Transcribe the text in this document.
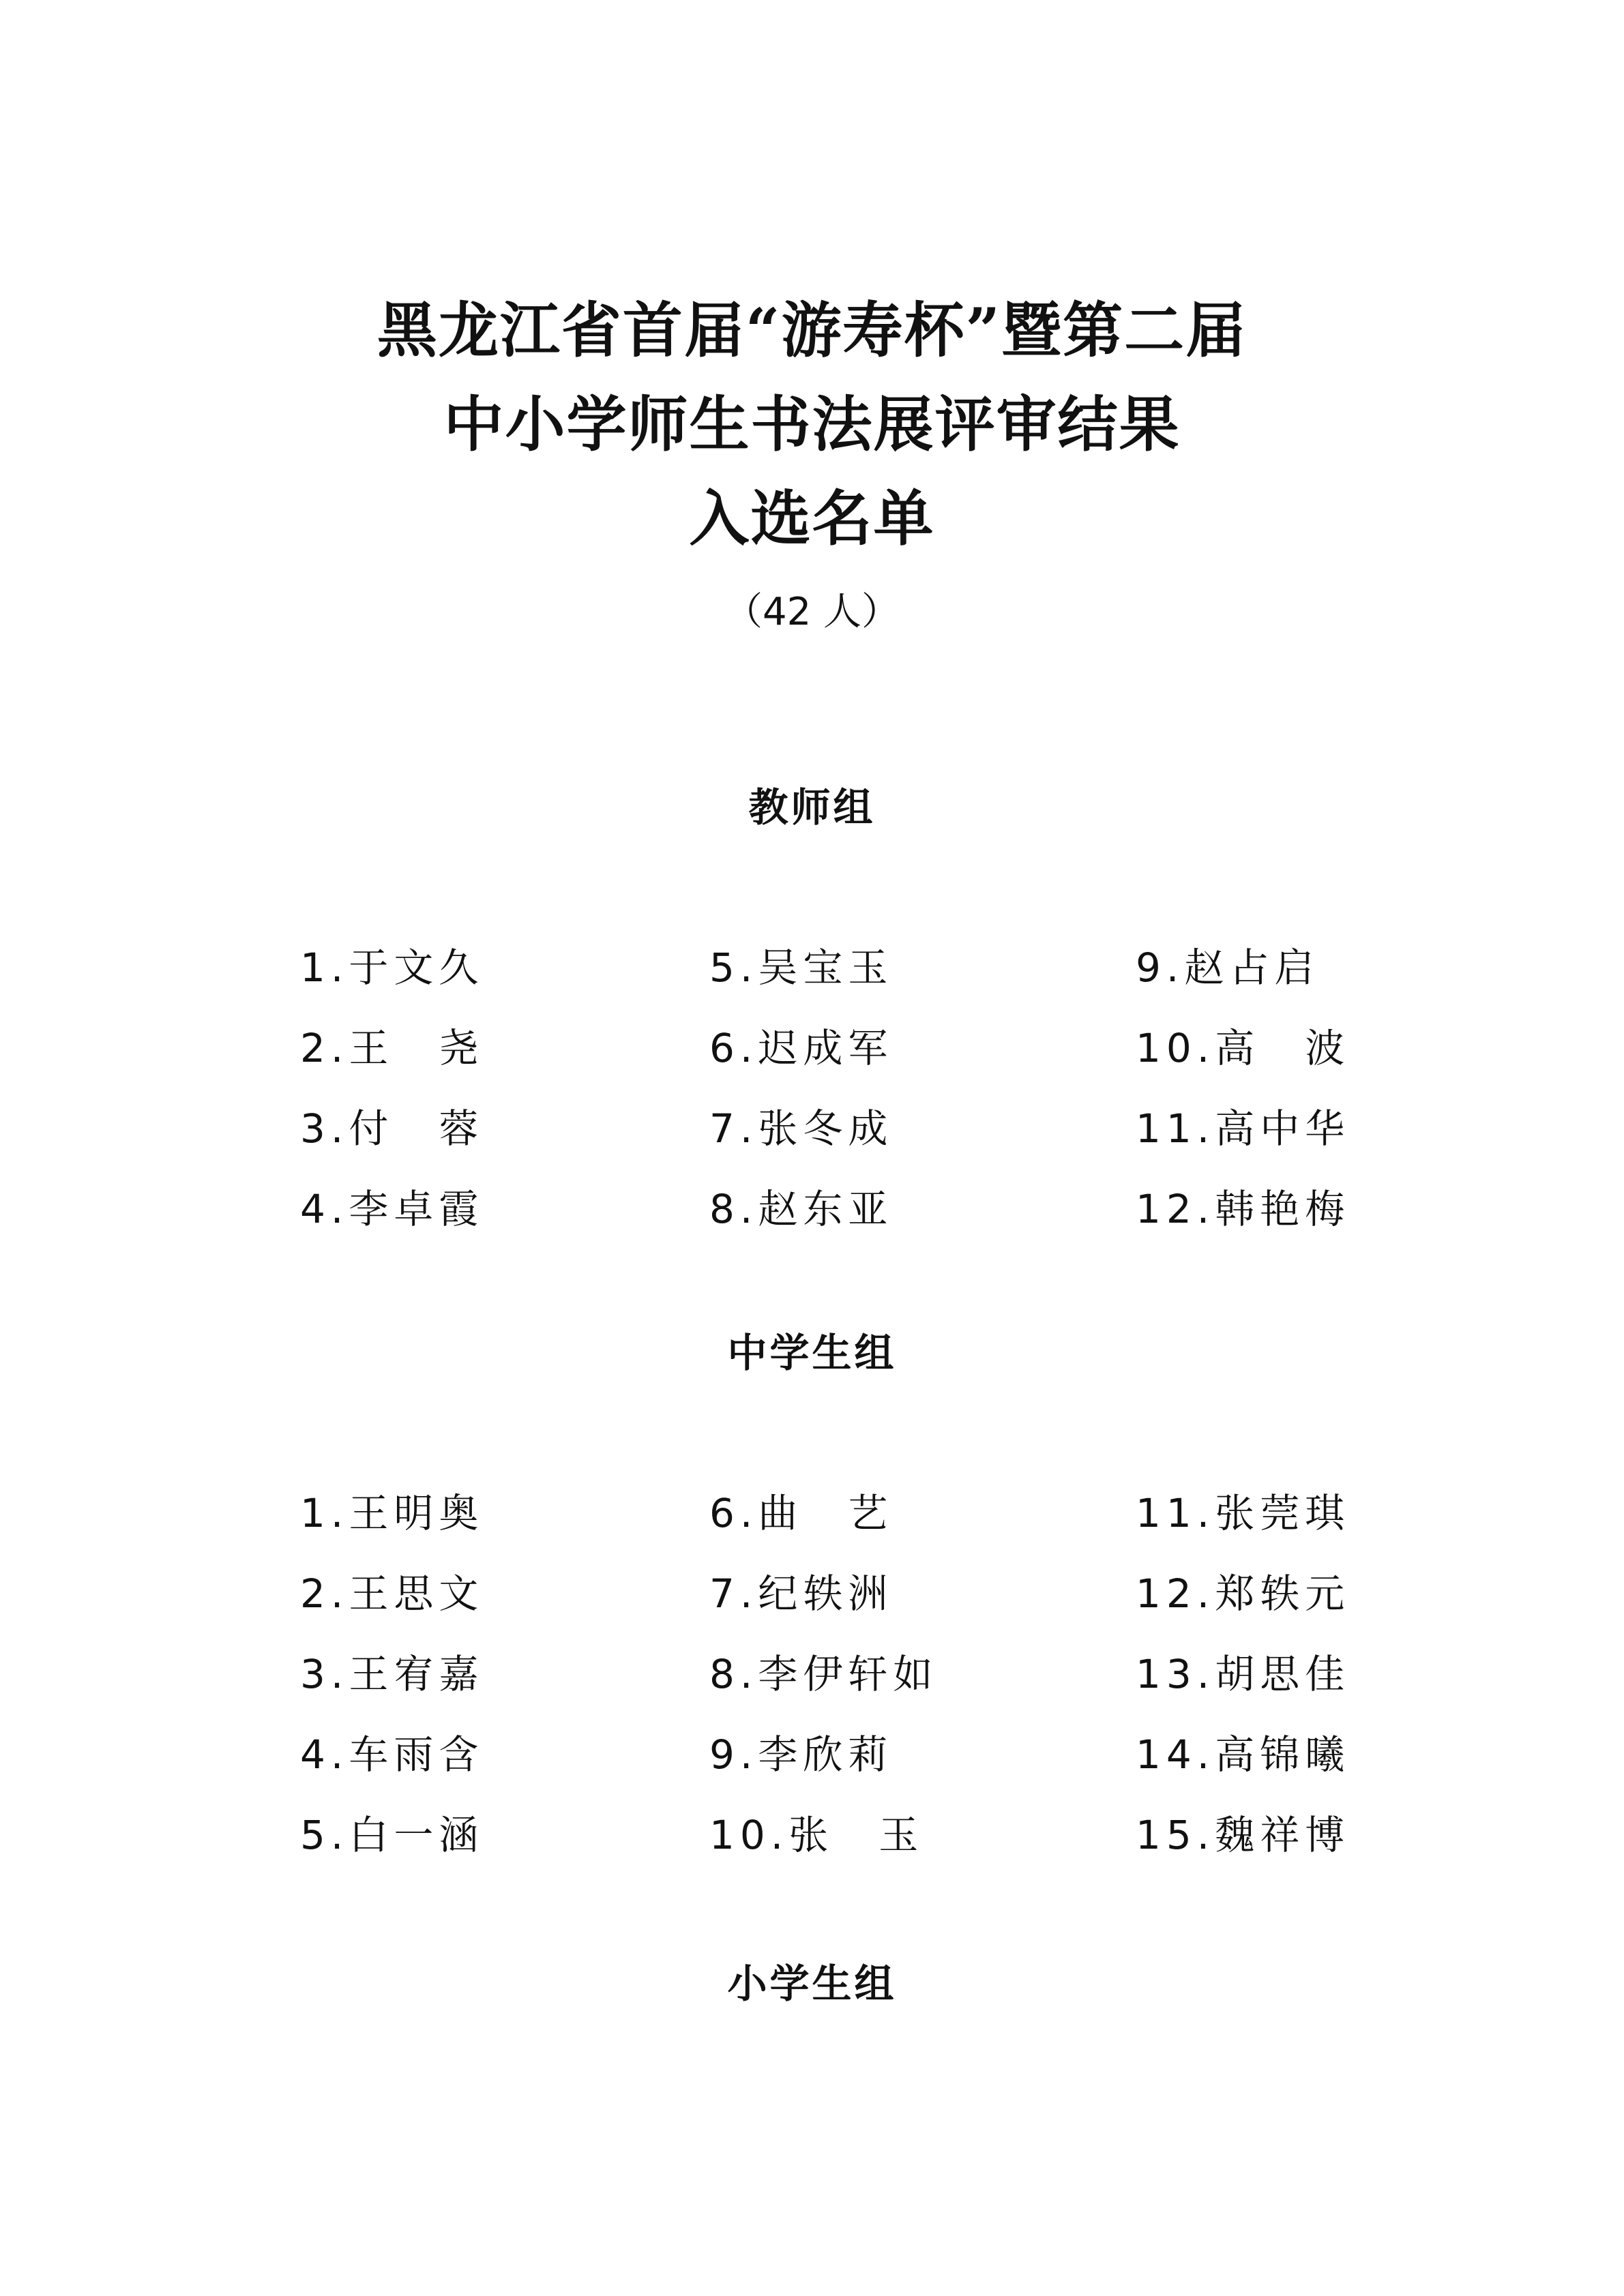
黑龙江省首届“游寿杯”暨第二届
中小学师生书法展评审结果
入选名单
（42 人）
教师组
1.于文久
2.王　尧
3.付　蓉
4.李卓霞
5.吴宝玉
6.迟成军
7.张冬成
8.赵东亚
9.赵占启
10.高　波
11.高中华
12.韩艳梅
中学生组
1.王明奥
2.王思文
3.王宥嘉
4.车雨含
5.白一涵
6.曲　艺
7.纪轶洲
8.李伊轩如
9.李欣莉
10.张　玉
11.张莞琪
12.郑轶元
13.胡思佳
14.高锦曦
15.魏祥博
小学生组
